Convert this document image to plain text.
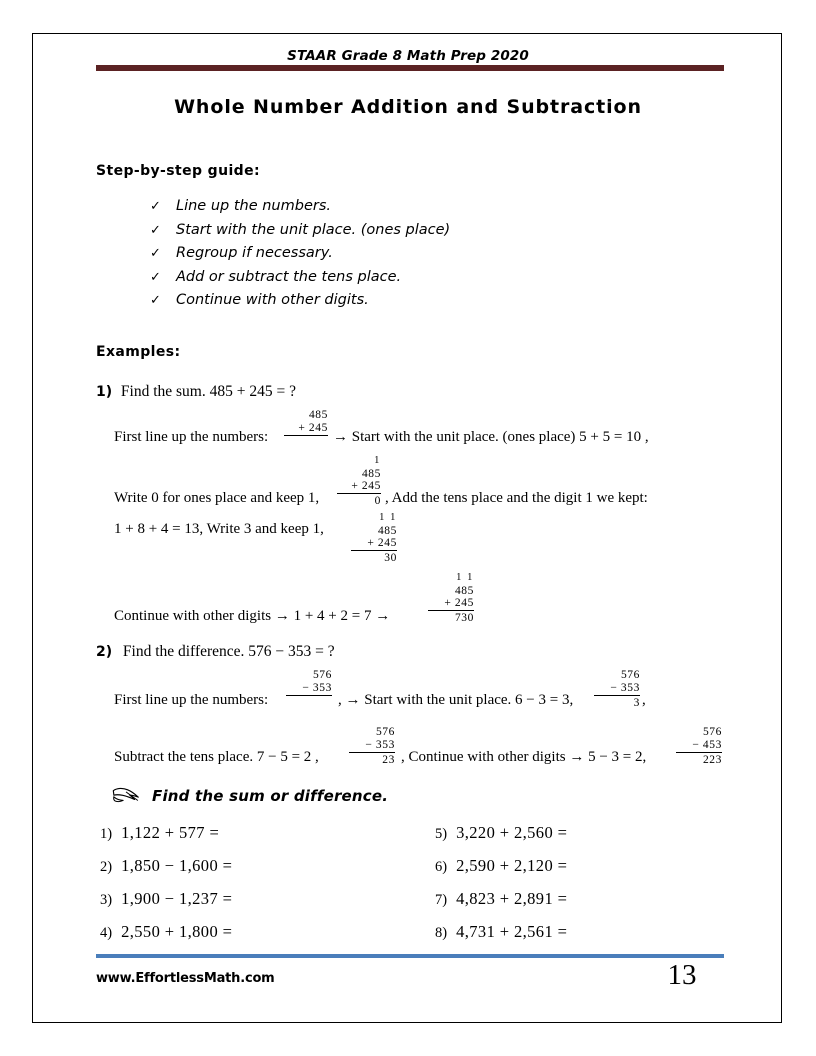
STAAR Grade 8 Math Prep 2020
Whole Number Addition and Subtraction
Step-by-step guide:
✓	Line up the numbers.
✓	Start with the unit place. (ones place)
✓	Regroup if necessary.
✓	Add or subtract the tens place.
✓	Continue with other digits.
Examples:
1) Find the sum. 485 + 245 = ?
First line up the numbers:
485
+ 245
→ Start with the unit place. (ones place) 5 + 5 = 10 ,
Write 0 for ones place and keep 1,
1
485
+ 245
0 , Add the tens place and the digit 1 we kept:
1 + 8 + 4 = 13, Write 3 and keep 1,
1 1
485
+ 245
30
Continue with other digits → 1 + 4 + 2 = 7 →
1 1
485
+ 245
730
2) Find the difference. 576 − 353 = ?
First line up the numbers:
576
− 353
, → Start with the unit place. 6 − 3 = 3,
576
− 353
3 ,
Subtract the tens place. 7 − 5 = 2 ,
576
− 353
23 , Continue with other digits → 5 − 3 = 2,
576
− 453
223
Find the sum or difference.
1) 1,122 + 577 =
2) 1,850 − 1,600 =
3) 1,900 − 1,237 =
4) 2,550 + 1,800 =
5) 3,220 + 2,560 =
6) 2,590 + 2,120 =
7) 4,823 + 2,891 =
8) 4,731 + 2,561 =
www.EffortlessMath.com	13
